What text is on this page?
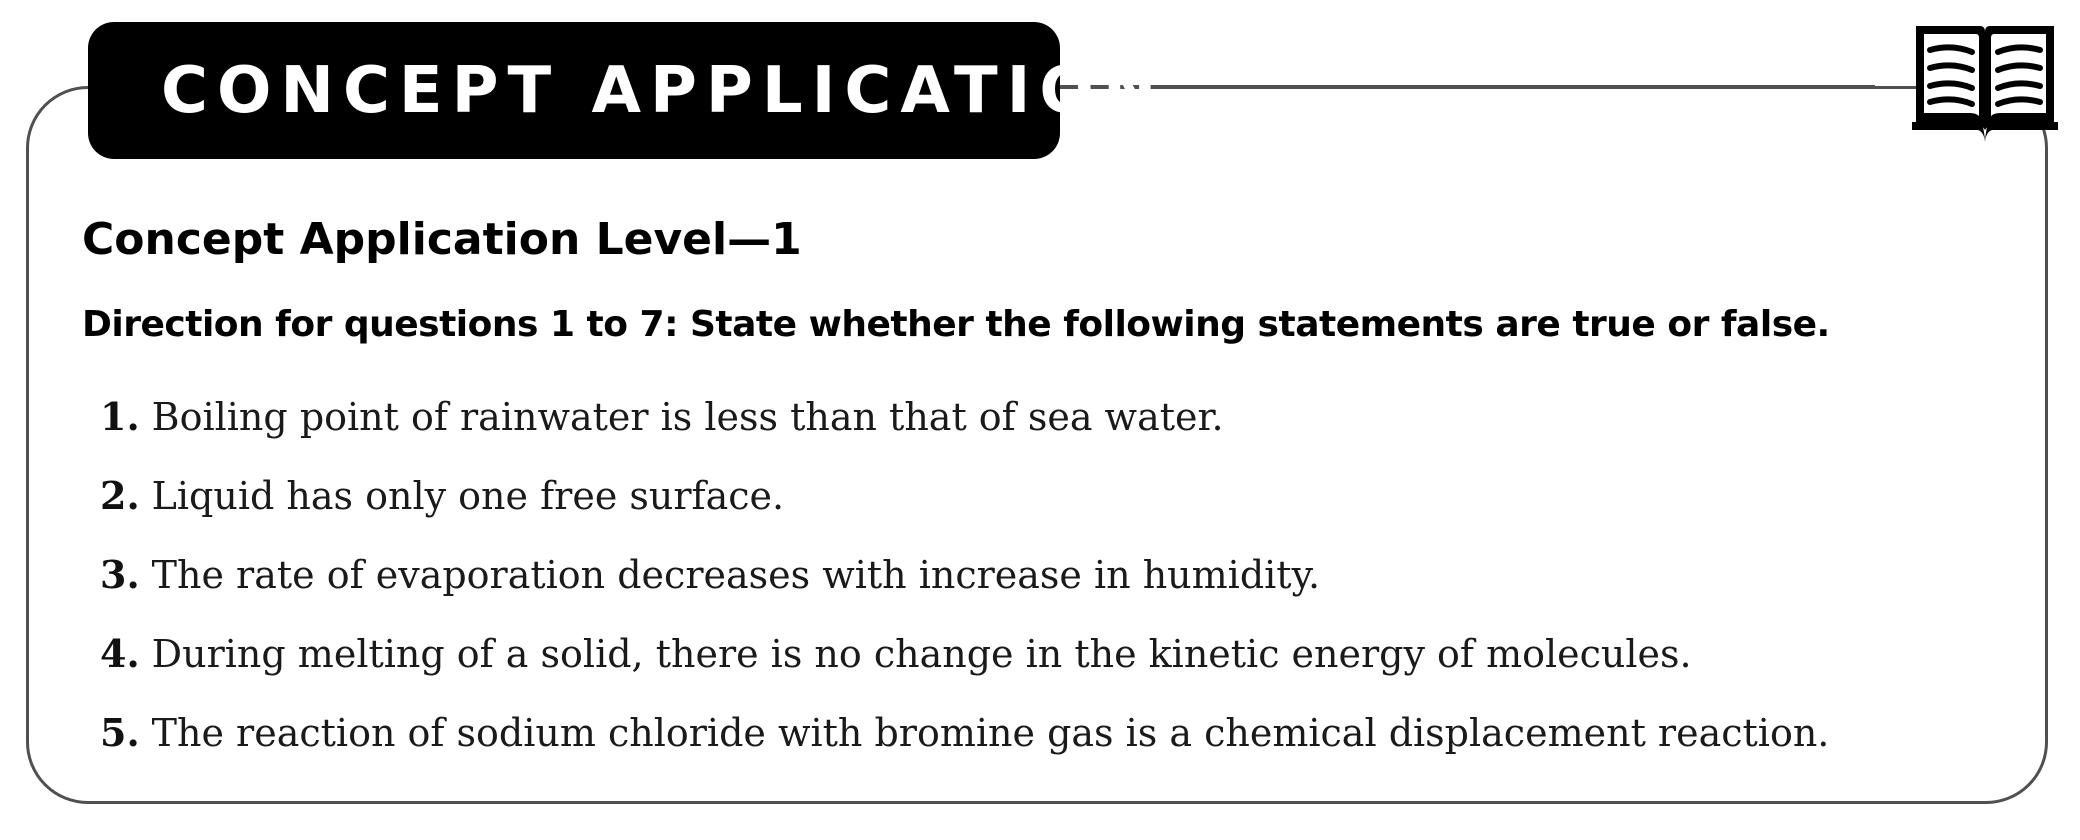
CONCEPT APPLICATION
Concept Application Level—1

Direction for questions 1 to 7: State whether the following statements are true or false.

1. Boiling point of rainwater is less than that of sea water.
2. Liquid has only one free surface.
3. The rate of evaporation decreases with increase in humidity.
4. During melting of a solid, there is no change in the kinetic energy of molecules.
5. The reaction of sodium chloride with bromine gas is a chemical displacement reaction.
